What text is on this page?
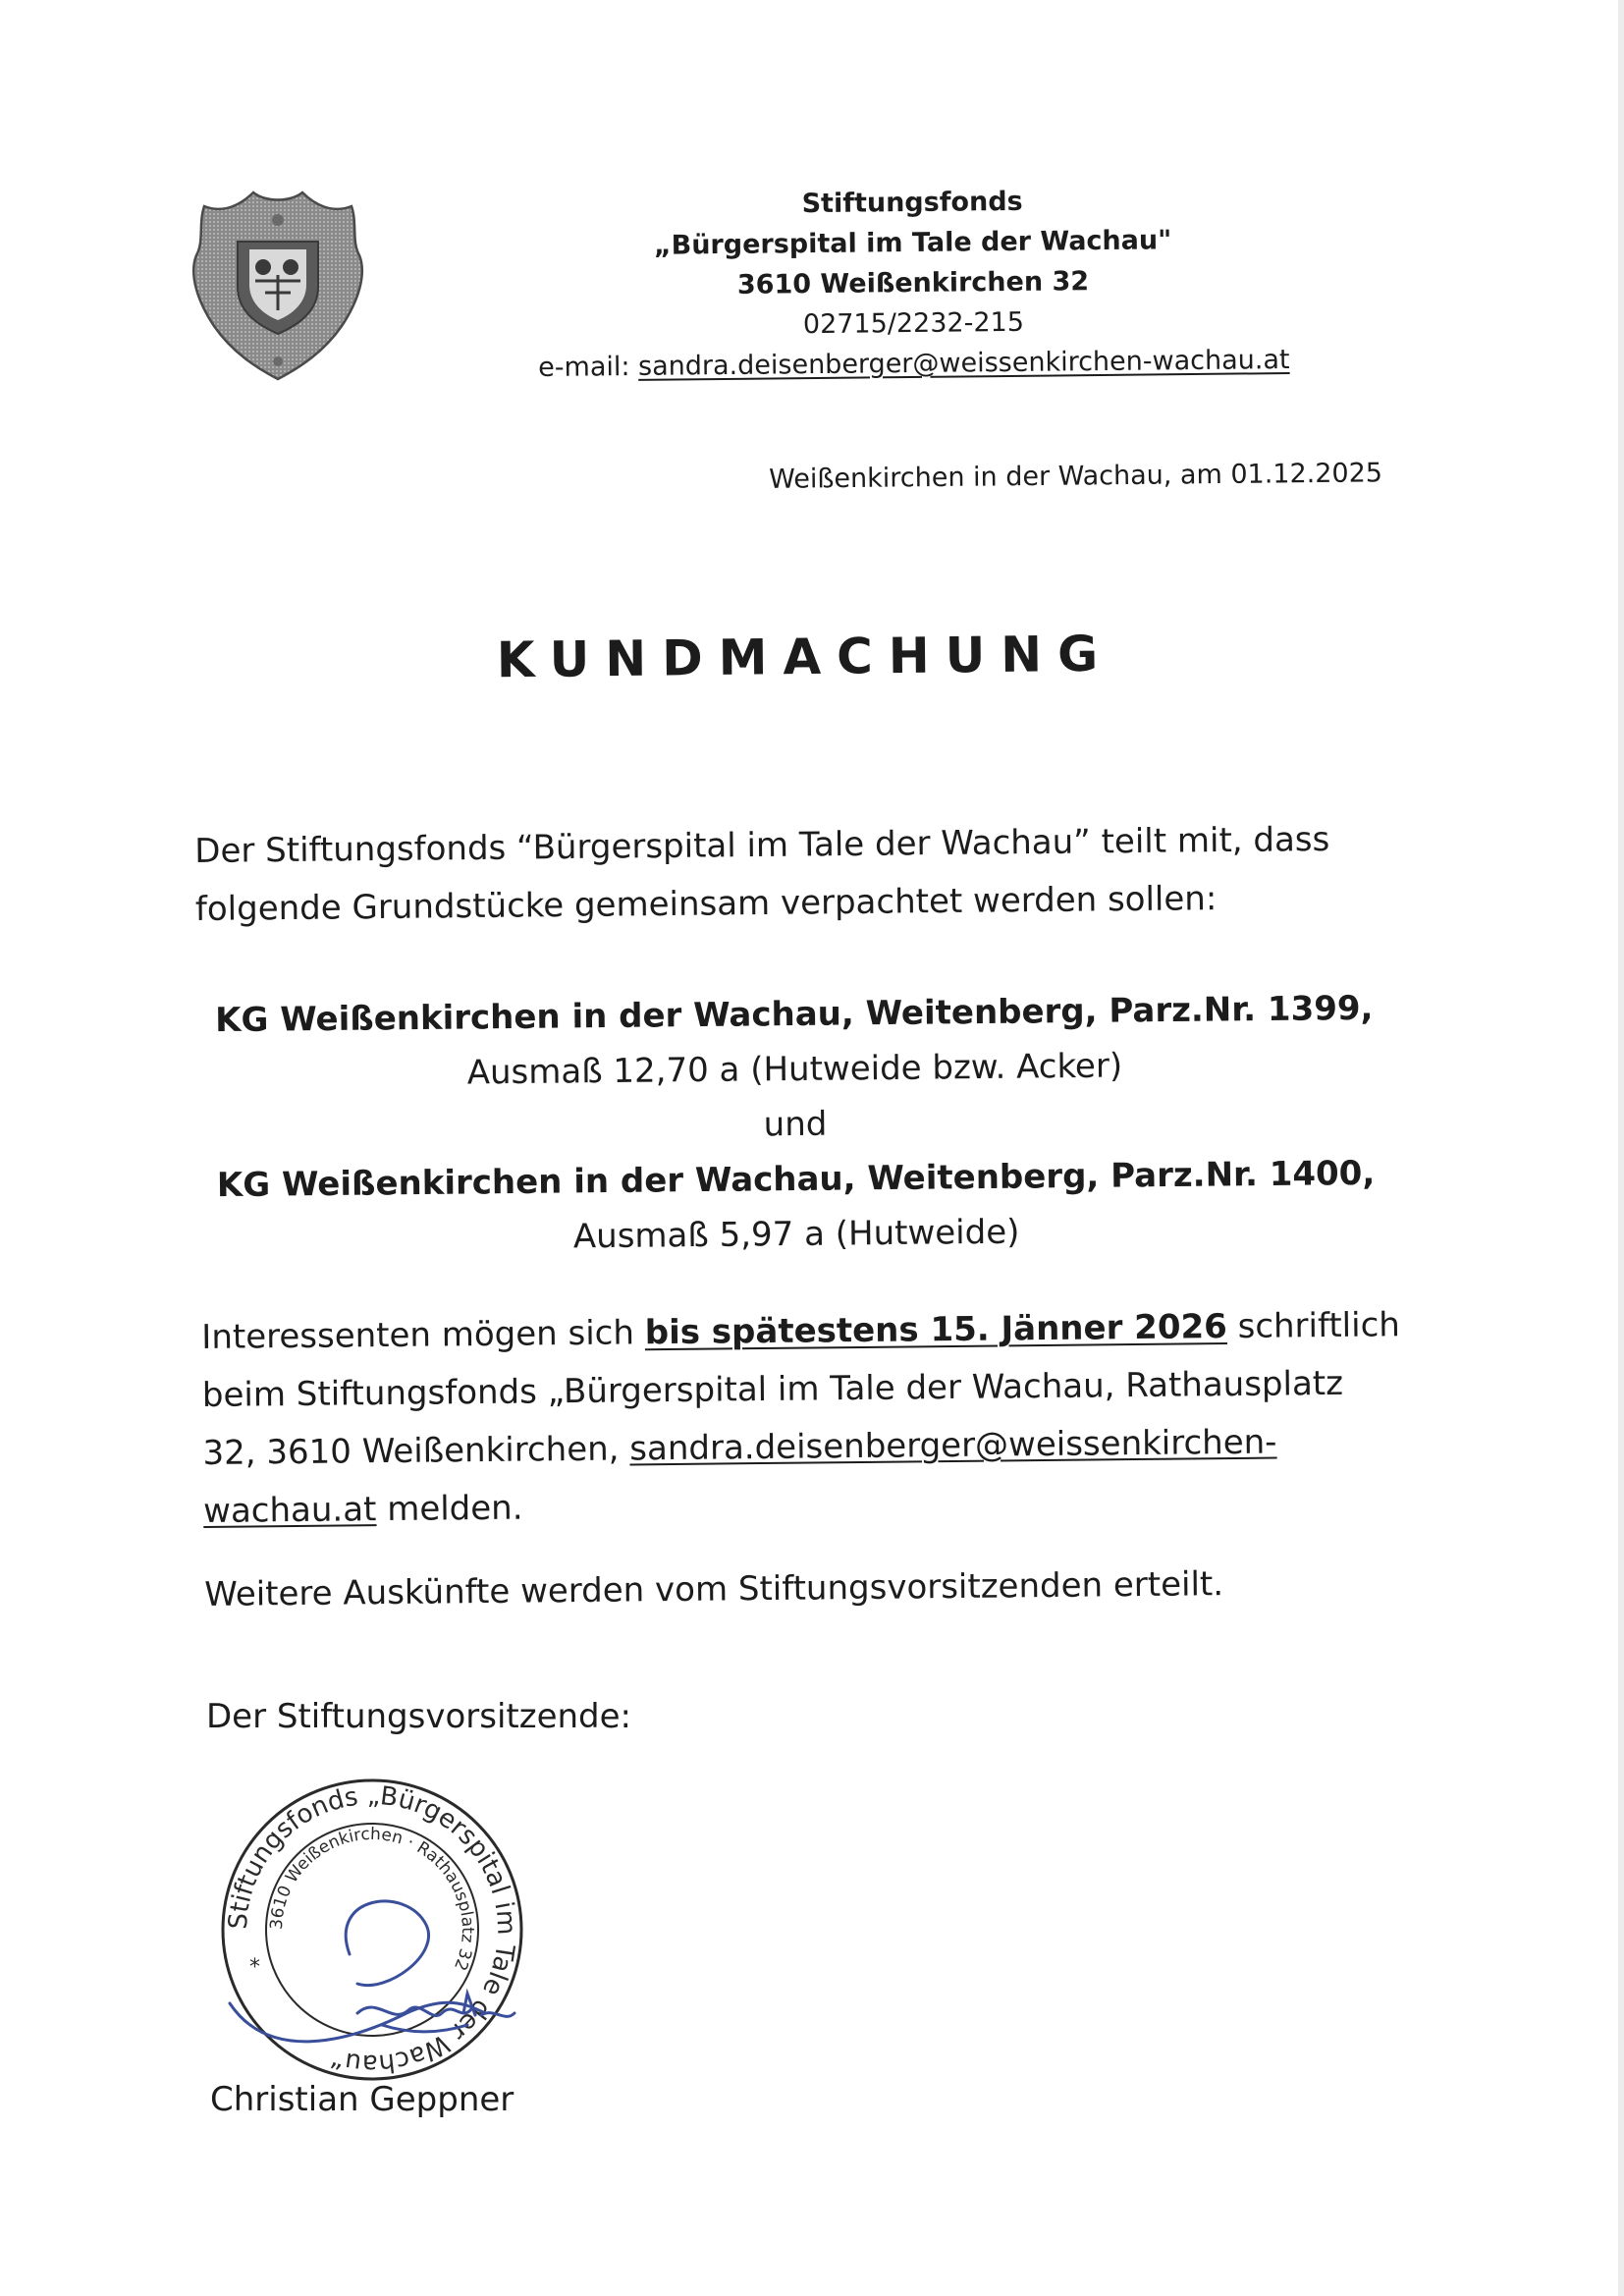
Stiftungsfonds
„Bürgerspital im Tale der Wachau"
3610 Weißenkirchen 32
02715/2232-215
e-mail: sandra.deisenberger@weissenkirchen-wachau.at
Weißenkirchen in der Wachau, am 01.12.2025
KUNDMACHUNG

Der Stiftungsfonds “Bürgerspital im Tale der Wachau” teilt mit, dass

folgende Grundstücke gemeinsam verpachtet werden sollen:

KG Weißenkirchen in der Wachau, Weitenberg, Parz.Nr. 1399,
Ausmaß 12,70 a (Hutweide bzw. Acker)
und
KG Weißenkirchen in der Wachau, Weitenberg, Parz.Nr. 1400,
Ausmaß 5,97 a (Hutweide)
Interessenten mögen sich bis spätestens 15. Jänner 2026 schriftlich
beim Stiftungsfonds „Bürgerspital im Tale der Wachau, Rathausplatz
32, 3610 Weißenkirchen, sandra.deisenberger@weissenkirchen-
wachau.at melden.
Weitere Auskünfte werden vom Stiftungsvorsitzenden erteilt.
Der Stiftungsvorsitzende:
Stiftungsfonds „Bürgerspital im Tale der Wachau“
3610 Weißenkirchen · Rathausplatz 32
*
Christian Geppner
